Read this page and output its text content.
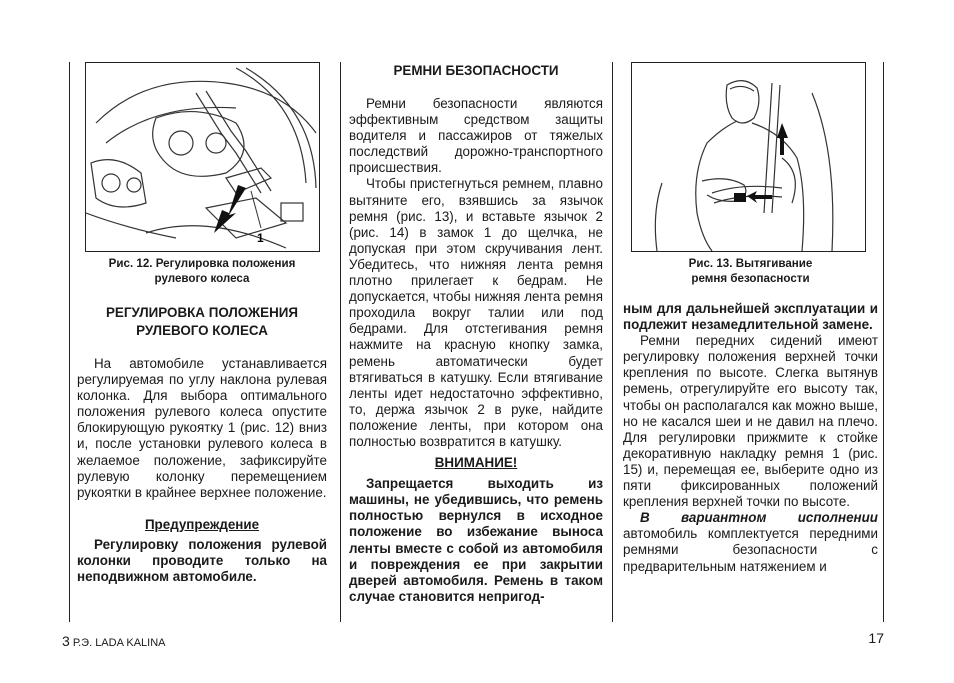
1
Рис. 12. Регулировка положения
рулевого колеса
РЕГУЛИРОВКА ПОЛОЖЕНИЯ
РУЛЕВОГО КОЛЕСА

На автомобиле устанавливается регулируемая по углу наклона рулевая колонка. Для выбора оптимального положения рулевого колеса опустите блокирующую рукоятку 1 (рис. 12) вниз и, после установки рулевого колеса в желаемое положение, зафиксируйте рулевую колонку перемещением рукоятки в крайнее верхнее положение.

Предупреждение

Регулировку положения рулевой колонки проводите только на неподвижном автомобиле.

РЕМНИ БЕЗОПАСНОСТИ

Ремни безопасности являются эффективным средством защиты водителя и пассажиров от тяжелых последствий дорожно-транспортного происшествия.

Чтобы пристегнуться ремнем, плавно вытяните его, взявшись за язычок ремня (рис. 13), и вставьте язычок 2 (рис. 14) в замок 1 до щелчка, не допуская при этом скручивания лент. Убедитесь, что нижняя лента ремня плотно прилегает к бедрам. Не допускается, чтобы нижняя лента ремня проходила вокруг талии или под бедрами. Для отстегивания ремня нажмите на красную кнопку замка, ремень автоматически будет втягиваться в катушку. Если втягивание ленты идет недостаточно эффективно, то, держа язычок 2 в руке, найдите положение ленты, при котором она полностью возвратится в катушку.

ВНИМАНИЕ!

Запрещается выходить из машины, не убедившись, что ремень полностью вернулся в исходное положение во избежание выноса ленты вместе с собой из автомобиля и повреждения ее при закрытии дверей автомобиля. Ремень в таком случае становится непригод-

Рис. 13. Вытягивание
ремня безопасности

ным для дальнейшей эксплуатации и подлежит незамедлительной замене.

Ремни передних сидений имеют регулировку положения верхней точки крепления по высоте. Слегка вытянув ремень, отрегулируйте его высоту так, чтобы он располагался как можно выше, но не касался шеи и не давил на плечо. Для регулировки прижмите к стойке декоративную накладку ремня 1 (рис. 15) и, перемещая ее, выберите одно из пяти фиксированных положений крепления верхней точки по высоте.

В вариантном исполнении автомобиль комплектуется передними ремнями безопасности с предварительным натяжением и

3 Р.Э. LADA KALINA	17
